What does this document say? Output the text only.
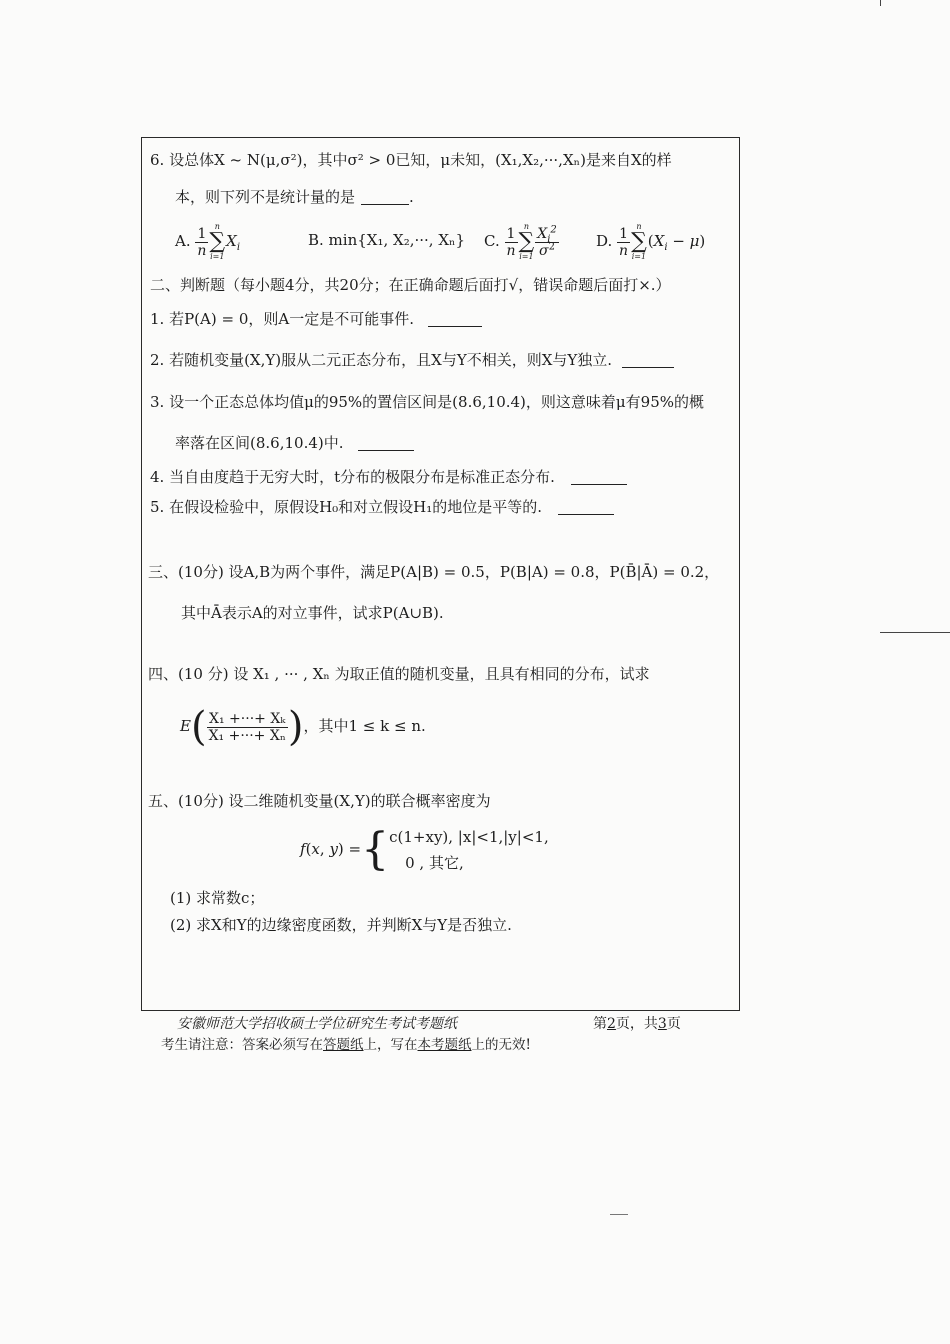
6. 设总体X ~ N(μ,σ²)，其中σ² > 0已知，μ未知，(X₁,X₂,···,Xₙ)是来自X的样
本，则下列不是统计量的是	.
A. $\frac{1}{n}$ n
∑
i=1
$X_i$	B. min{X₁, X₂,···, Xₙ} C. $\frac{1}{n}$ n
∑
$i=1 \frac{X_i^2}{\sigma^2} D$. $\frac{1}{n}$ n
∑
i=1
$(X_i - \mu)$
二、判断题（每小题4分，共20分；在正确命题后面打√，错误命题后面打×.）
1. 若P(A) = 0，则A一定是不可能事件.
2. 若随机变量(X,Y)服从二元正态分布，且X与Y不相关，则X与Y独立.
3. 设一个正态总体均值μ的95%的置信区间是(8.6,10.4)，则这意味着μ有95%的概
率落在区间(8.6,10.4)中.
4. 当自由度趋于无穷大时，t分布的极限分布是标准正态分布.
5. 在假设检验中，原假设H₀和对立假设H₁的地位是平等的.
三、(10分) 设A,B为两个事件，满足P(A|B) = 0.5，P(B|A) = 0.8，P(B̄|Ā) = 0.2，
其中Ā表示A的对立事件，试求P(A∪B).
四、(10 分) 设 X₁ , ··· , Xₙ 为取正值的随机变量，且具有相同的分布，试求
$E( \frac{\text{X₁ +···+ Xₖ}}{\text{X₁ +···+ Xₙ}}$ )，其中1 ≤ k ≤ n.
五、(10分) 设二维随机变量(X,Y)的联合概率密度为
f(x, y) ={ c(1+xy), |x|<1,|y|<1,
0 , 其它,
(1) 求常数c；
(2) 求X和Y的边缘密度函数，并判断X与Y是否独立.
安徽师范大学招收硕士学位研究生考试考题纸	第2页，共3页
考生请注意：答案必须写在答题纸上，写在本考题纸上的无效!
